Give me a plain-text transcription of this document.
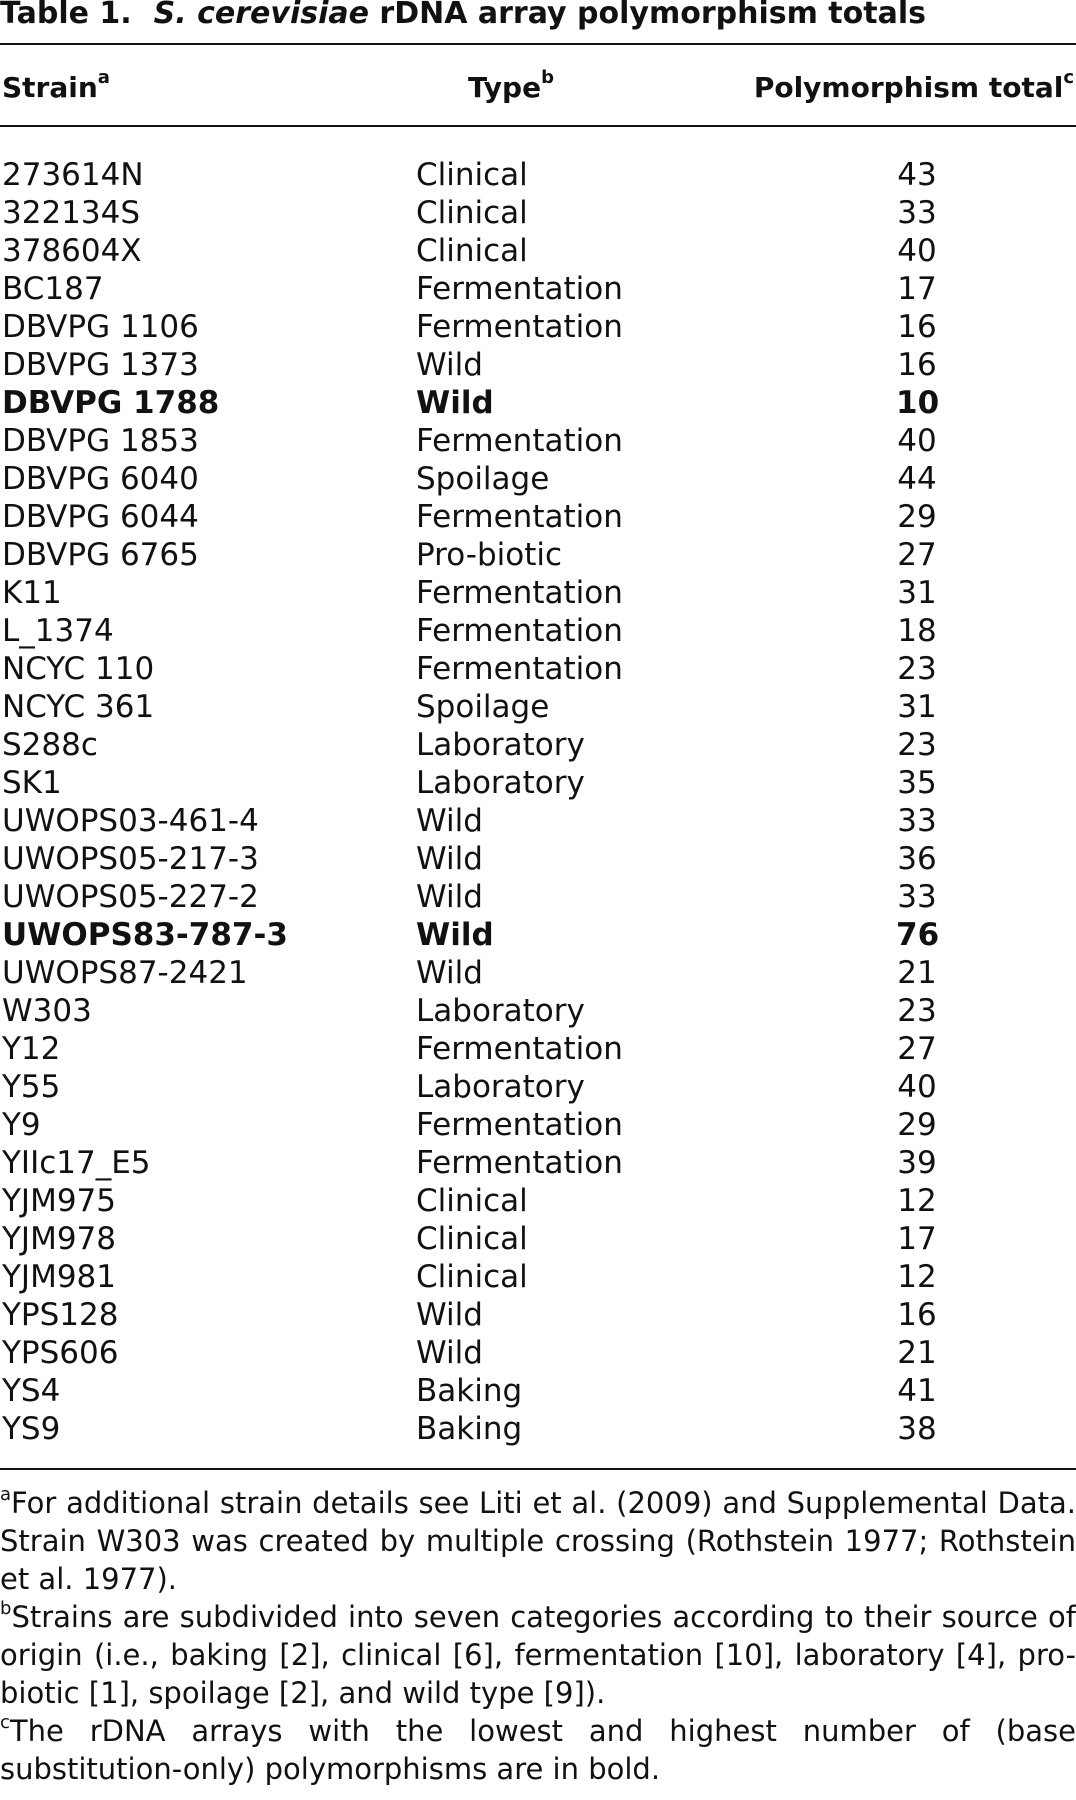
Table 1. S. cerevisiae rDNA array polymorphism totals
Strain$^a$	Type$^b$	Polymorphism total$^c$
273614N	Clinical	43
322134S	Clinical	33
378604X	Clinical	40
BC187	Fermentation	17
DBVPG 1106	Fermentation	16
DBVPG 1373	Wild	16
DBVPG 1788	Wild	10
DBVPG 1853	Fermentation	40
DBVPG 6040	Spoilage	44
DBVPG 6044	Fermentation	29
DBVPG 6765	Pro-biotic	27
K11	Fermentation	31
L_1374	Fermentation	18
NCYC 110	Fermentation	23
NCYC 361	Spoilage	31
S288c	Laboratory	23
SK1	Laboratory	35
UWOPS03-461-4	Wild	33
UWOPS05-217-3	Wild	36
UWOPS05-227-2	Wild	33
UWOPS83-787-3	Wild	76
UWOPS87-2421	Wild	21
W303	Laboratory	23
Y12	Fermentation	27
Y55	Laboratory	40
Y9	Fermentation	29
YIIc17_E5	Fermentation	39
YJM975	Clinical	12
YJM978	Clinical	17
YJM981	Clinical	12
YPS128	Wild	16
YPS606	Wild	21
YS4	Baking	41
YS9	Baking	38

$^a$For additional strain details see Liti et al. (2009) and Supplemental Data. Strain W303 was created by multiple crossing (Rothstein 1977; Rothstein et al. 1977).

$^b$Strains are subdivided into seven categories according to their source of origin (i.e., baking [2], clinical [6], fermentation [10], laboratory [4], pro-biotic [1], spoilage [2], and wild type [9]).

$^c$The rDNA arrays with the lowest and highest number of (base substitution-only) polymorphisms are in bold.
